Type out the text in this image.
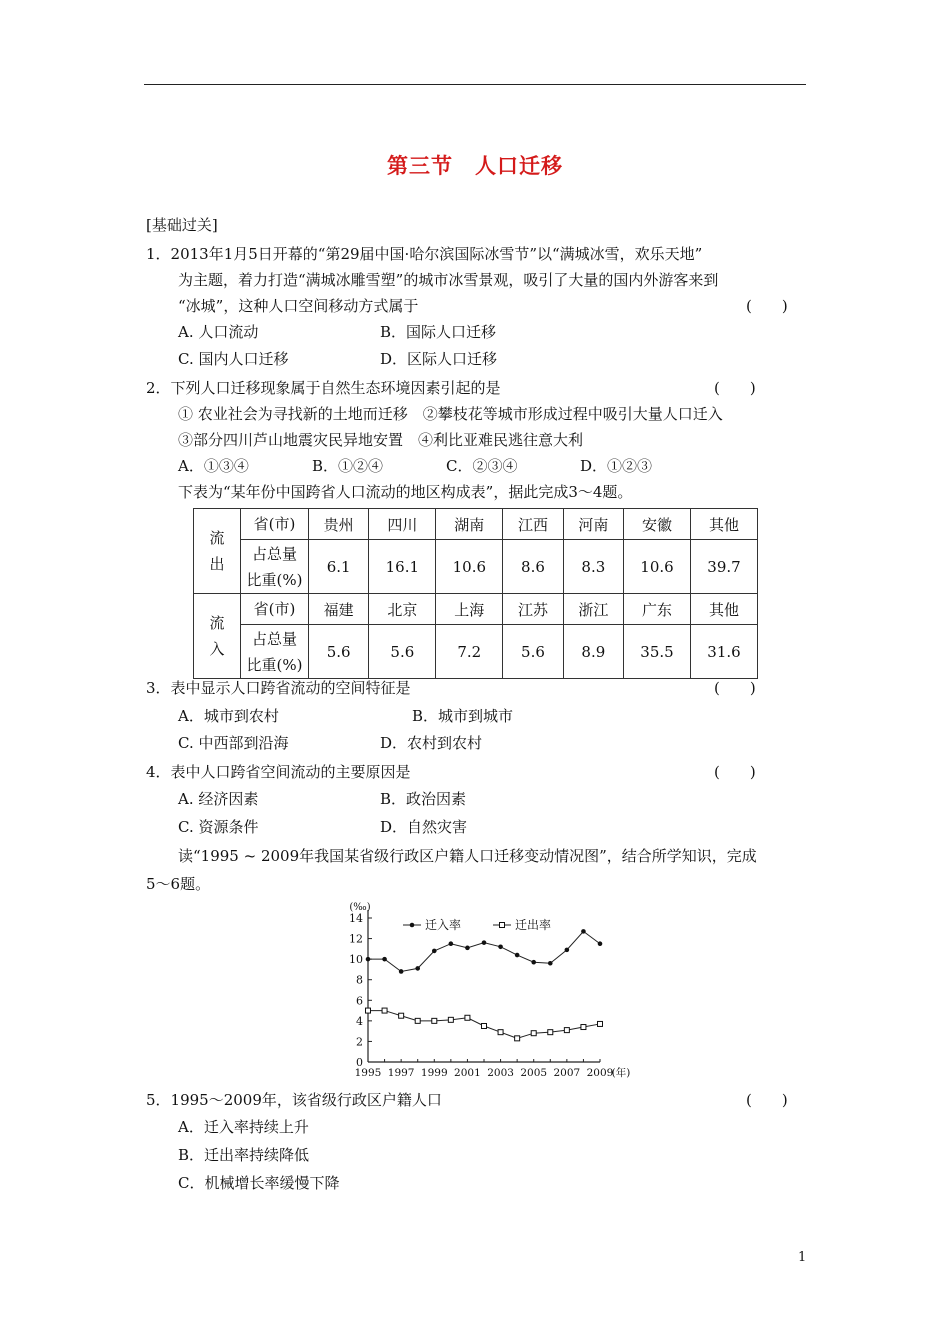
第三节　人口迁移
[基础过关]
1．2013年1月5日开幕的“第29届中国·哈尔滨国际冰雪节”以“满城冰雪，欢乐天地”
为主题，着力打造“满城冰雕雪塑”的城市冰雪景观，吸引了大量的国内外游客来到
“冰城”，这种人口空间移动方式属于	(　　)
A. 人口流动	B．国际人口迁移
C. 国内人口迁移	D．区际人口迁移
2．下列人口迁移现象属于自然生态环境因素引起的是	(　　)
① 农业社会为寻找新的土地而迁移　②攀枝花等城市形成过程中吸引大量人口迁入
③部分四川芦山地震灾民异地安置　④利比亚难民逃往意大利
A．①③④	B．①②④	C．②③④	D．①②③
下表为“某年份中国跨省人口流动的地区构成表”，据此完成3～4题。
流
出	省(市)	贵州	四川	湖南	江西	河南	安徽	其他
	占总量
比重(%)	6.1	16.1	10.6	8.6	8.3	10.6	39.7
流
入	省(市)	福建	北京	上海	江苏	浙江	广东	其他
	占总量
比重(%)	5.6	5.6	7.2	5.6	8.9	35.5	31.6
3．表中显示人口跨省流动的空间特征是	(　　)
A．城市到农村	B．城市到城市
C. 中西部到沿海	D．农村到农村
4．表中人口跨省空间流动的主要原因是	(　　)
A. 经济因素	B．政治因素
C. 资源条件	D．自然灾害
读“1995 ~ 2009年我国某省级行政区户籍人口迁移变动情况图”，结合所学知识，完成
5～6题。
0
2
4
6
8
10
12
14
(‰)
1995 1997 1999 2001 2003 2005 2007 2009
(年)
迁入率	迁出率
5．1995～2009年，该省级行政区户籍人口	(　　)
A．迁入率持续上升
B．迁出率持续降低
C．机械增长率缓慢下降
1
